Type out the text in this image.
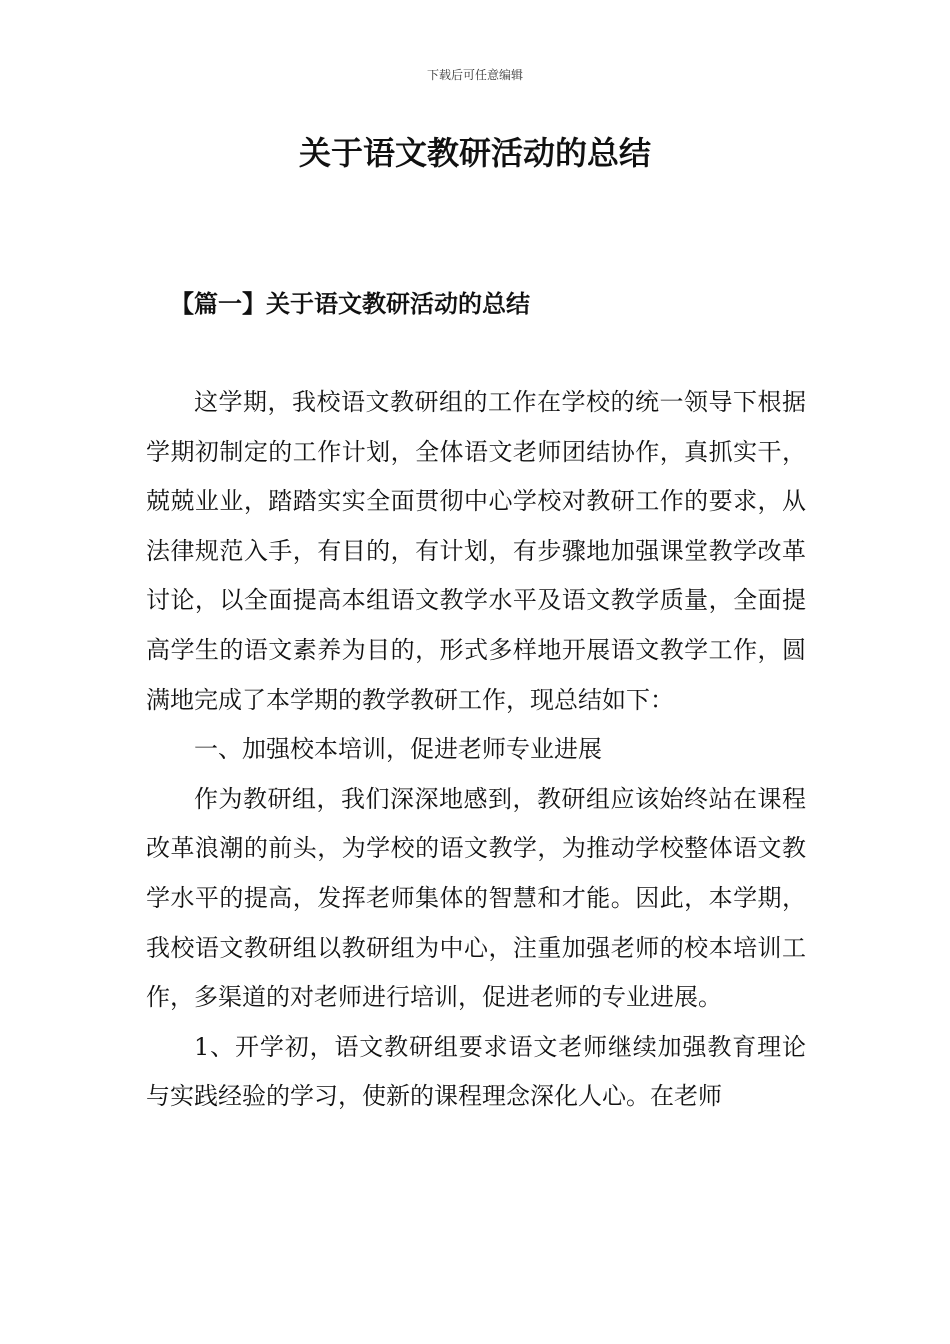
下载后可任意编辑
关于语文教研活动的总结
【篇一】关于语文教研活动的总结

这学期，我校语文教研组的工作在学校的统一领导下根据学期初制定的工作计划，全体语文老师团结协作，真抓实干，兢兢业业，踏踏实实全面贯彻中心学校对教研工作的要求，从法律规范入手，有目的，有计划，有步骤地加强课堂教学改革讨论，以全面提高本组语文教学水平及语文教学质量，全面提高学生的语文素养为目的，形式多样地开展语文教学工作，圆满地完成了本学期的教学教研工作，现总结如下：

一、加强校本培训，促进老师专业进展

作为教研组，我们深深地感到，教研组应该始终站在课程改革浪潮的前头，为学校的语文教学，为推动学校整体语文教学水平的提高，发挥老师集体的智慧和才能。因此，本学期，我校语文教研组以教研组为中心，注重加强老师的校本培训工作，多渠道的对老师进行培训，促进老师的专业进展。

1、开学初，语文教研组要求语文老师继续加强教育理论与实践经验的学习，使新的课程理念深化人心。在老师
